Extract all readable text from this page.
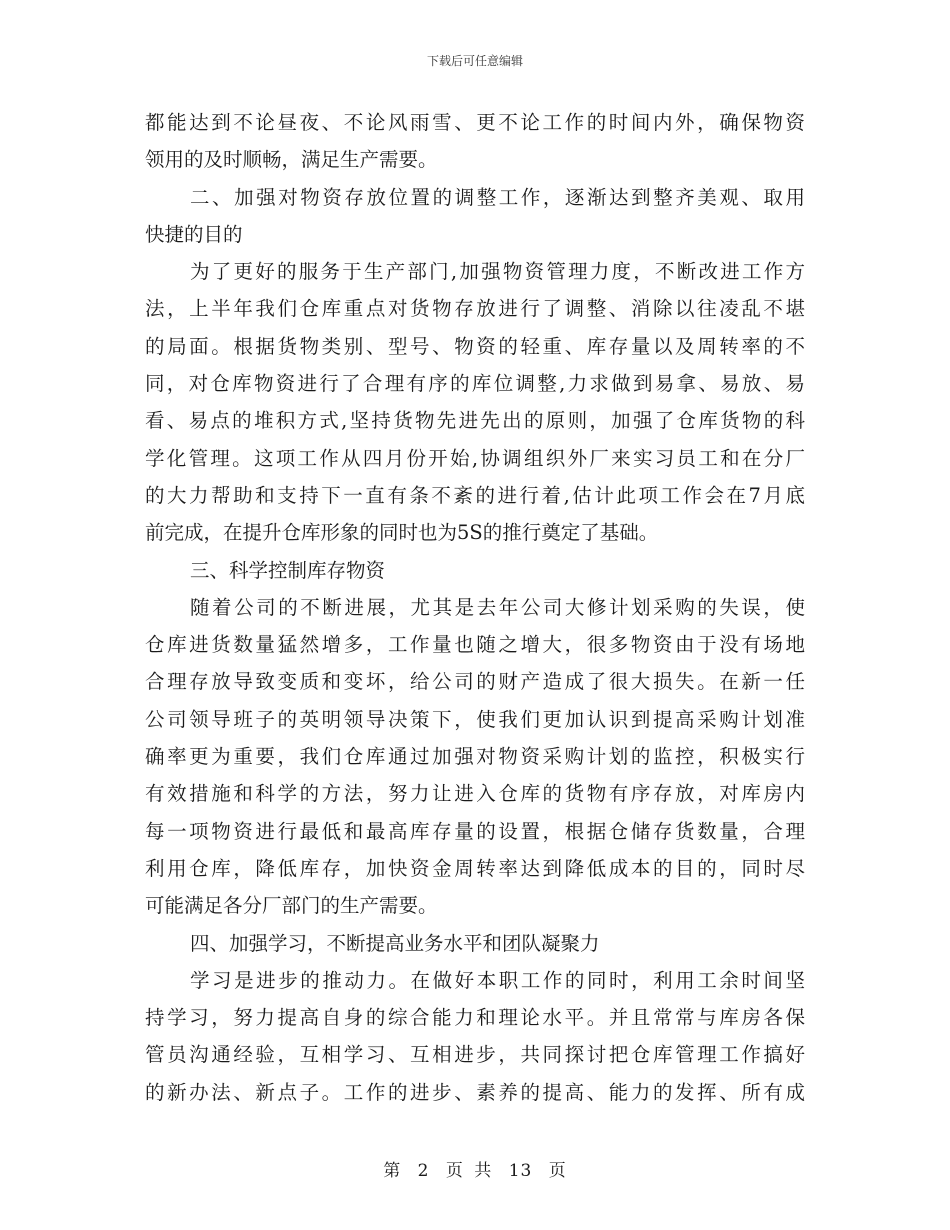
下载后可任意编辑
都能达到不论昼夜、不论风雨雪、更不论工作的时间内外，确保物资
领用的及时顺畅，满足生产需要。
二、加强对物资存放位置的调整工作，逐渐达到整齐美观、取用
快捷的目的
为了更好的服务于生产部门,加强物资管理力度，不断改进工作方
法，上半年我们仓库重点对货物存放进行了调整、消除以往凌乱不堪
的局面。根据货物类别、型号、物资的轻重、库存量以及周转率的不
同，对仓库物资进行了合理有序的库位调整,力求做到易拿、易放、易
看、易点的堆积方式,坚持货物先进先出的原则，加强了仓库货物的科
学化管理。这项工作从四月份开始,协调组织外厂来实习员工和在分厂
的大力帮助和支持下一直有条不紊的进行着,估计此项工作会在7月底
前完成，在提升仓库形象的同时也为5S的推行奠定了基础。
三、科学控制库存物资
随着公司的不断进展，尤其是去年公司大修计划采购的失误，使
仓库进货数量猛然增多，工作量也随之增大，很多物资由于没有场地
合理存放导致变质和变坏，给公司的财产造成了很大损失。在新一任
公司领导班子的英明领导决策下，使我们更加认识到提高采购计划准
确率更为重要，我们仓库通过加强对物资采购计划的监控，积极实行
有效措施和科学的方法，努力让进入仓库的货物有序存放，对库房内
每一项物资进行最低和最高库存量的设置，根据仓储存货数量，合理
利用仓库，降低库存，加快资金周转率达到降低成本的目的，同时尽
可能满足各分厂部门的生产需要。
四、加强学习，不断提高业务水平和团队凝聚力
学习是进步的推动力。在做好本职工作的同时，利用工余时间坚
持学习，努力提高自身的综合能力和理论水平。并且常常与库房各保
管员沟通经验，互相学习、互相进步，共同探讨把仓库管理工作搞好
的新办法、新点子。工作的进步、素养的提高、能力的发挥、所有成
第 2 页 共 13 页
